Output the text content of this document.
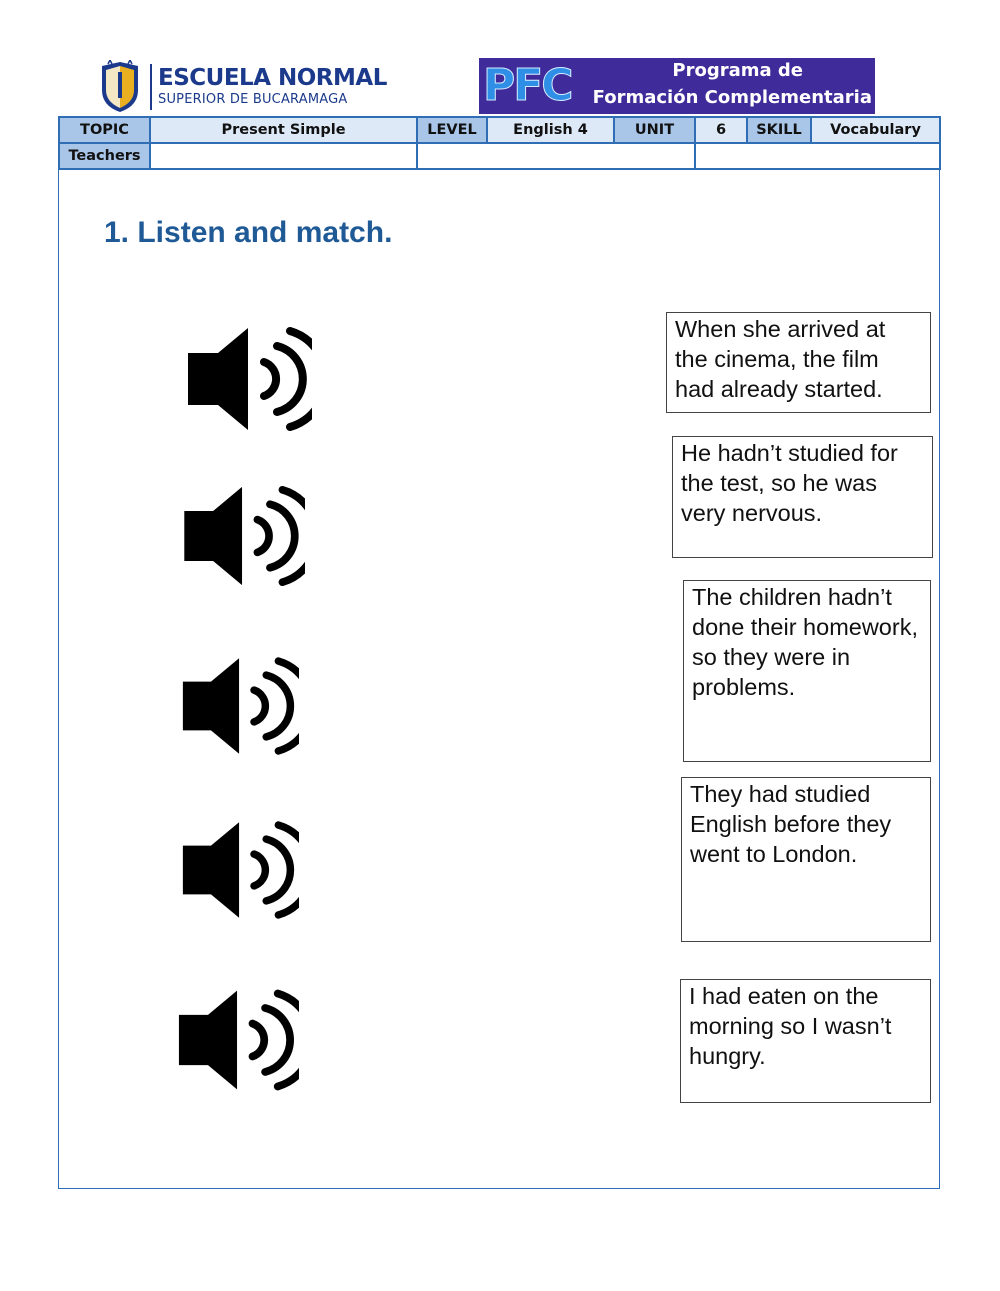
ESCUELA NORMAL
SUPERIOR DE BUCARAMAGA	PFC	Programa de
Formación Complementaria
TOPIC	Present Simple	LEVEL	English 4	UNIT	6	SKILL	Vocabulary
Teachers							
1. Listen and match.
When she arrived at the cinema, the film had already started.
He hadn’t studied for the test, so he was very nervous.
The children hadn’t done their homework, so they were in problems.
They had studied English before they went to London.
I had eaten on the morning so I wasn’t hungry.
